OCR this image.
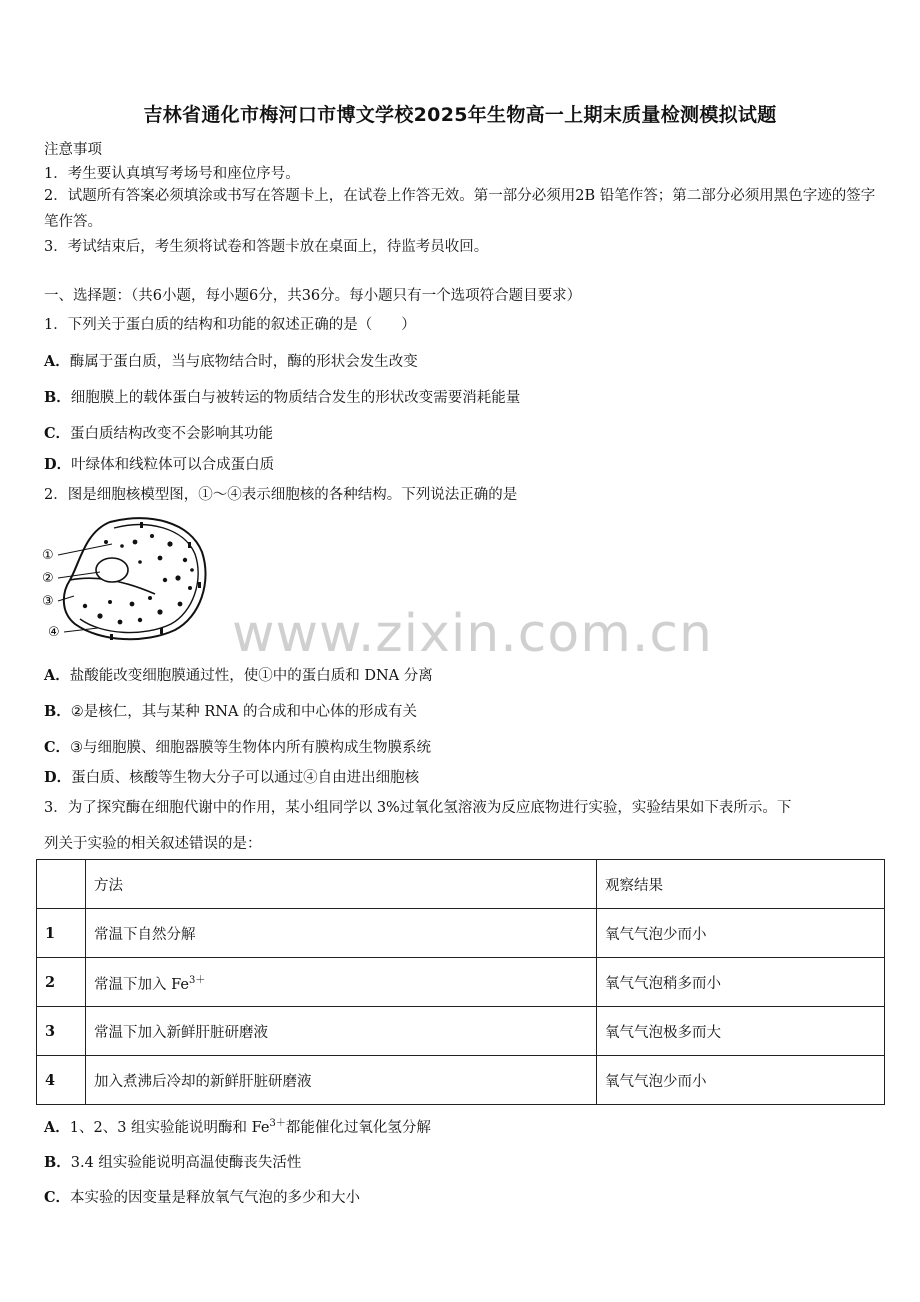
吉林省通化市梅河口市博文学校2025年生物高一上期末质量检测模拟试题
注意事项
1．考生要认真填写考场号和座位序号。
2．试题所有答案必须填涂或书写在答题卡上，在试卷上作答无效。第一部分必须用2B 铅笔作答；第二部分必须用黑色字迹的签字笔作答。
3．考试结束后，考生须将试卷和答题卡放在桌面上，待监考员收回。
一、选择题：（共6小题，每小题6分，共36分。每小题只有一个选项符合题目要求）
1．下列关于蛋白质的结构和功能的叙述正确的是（　　）
A．酶属于蛋白质，当与底物结合时，酶的形状会发生改变
B．细胞膜上的载体蛋白与被转运的物质结合发生的形状改变需要消耗能量
C．蛋白质结构改变不会影响其功能
D．叶绿体和线粒体可以合成蛋白质
2．图是细胞核模型图，①～④表示细胞核的各种结构。下列说法正确的是
①
②
③
④	www.zixin.com.cn
A．盐酸能改变细胞膜通过性，使①中的蛋白质和 DNA 分离
B．②是核仁，其与某种 RNA 的合成和中心体的形成有关
C．③与细胞膜、细胞器膜等生物体内所有膜构成生物膜系统
D．蛋白质、核酸等生物大分子可以通过④自由进出细胞核
3．为了探究酶在细胞代谢中的作用，某小组同学以 3%过氧化氢溶液为反应底物进行实验，实验结果如下表所示。下
列关于实验的相关叙述错误的是：
	方法	观察结果
1	常温下自然分解	氧气气泡少而小
2	常温下加入 $Fe^{3+}$	氧气气泡稍多而小
3	常温下加入新鲜肝脏研磨液	氧气气泡极多而大
4	加入煮沸后冷却的新鲜肝脏研磨液	氧气气泡少而小
A．1、2、3 组实验能说明酶和 $Fe^{3+}$都能催化过氧化氢分解
B．3.4 组实验能说明高温使酶丧失活性
C．本实验的因变量是释放氧气气泡的多少和大小
